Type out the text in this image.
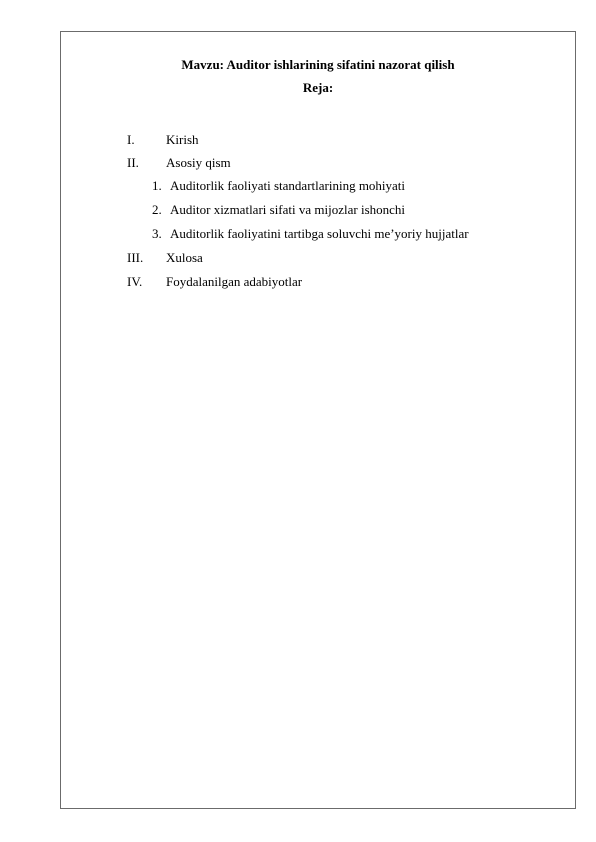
Mavzu: Auditor ishlarining sifatini nazorat qilish
Reja:
I. Kirish
II. Asosiy qism
1. Auditorlik faoliyati standartlarining mohiyati
2. Auditor xizmatlari sifati va mijozlar ishonchi
3. Auditorlik faoliyatini tartibga soluvchi me’yoriy hujjatlar
III. Xulosa
IV. Foydalanilgan adabiyotlar
